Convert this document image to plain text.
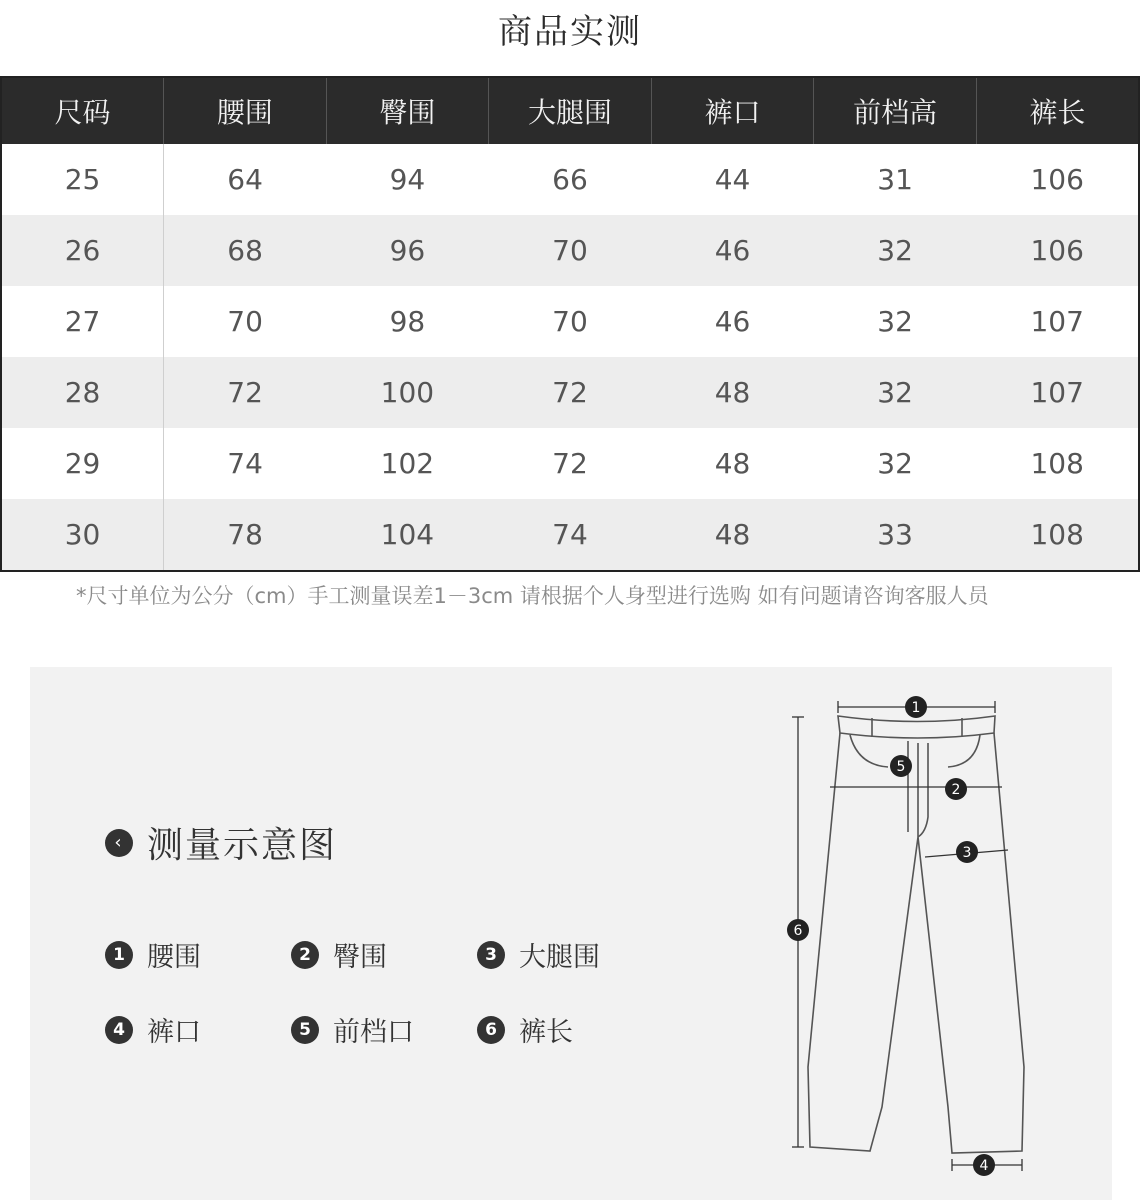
商品实测
尺码	腰围	臀围	大腿围	裤口	前档高	裤长
25	64	94	66	44	31	106
26	68	96	70	46	32	106
27	70	98	70	46	32	107
28	72	100	72	48	32	107
29	74	102	72	48	32	108
30	78	104	74	48	33	108
*尺寸单位为公分（cm）手工测量误差1－3cm 请根据个人身型进行选购 如有问题请咨询客服人员
‹ 测量示意图
1 腰围	2 臀围	3 大腿围
4 裤口	5 前档口	6 裤长
1
2
3
4
5
6
